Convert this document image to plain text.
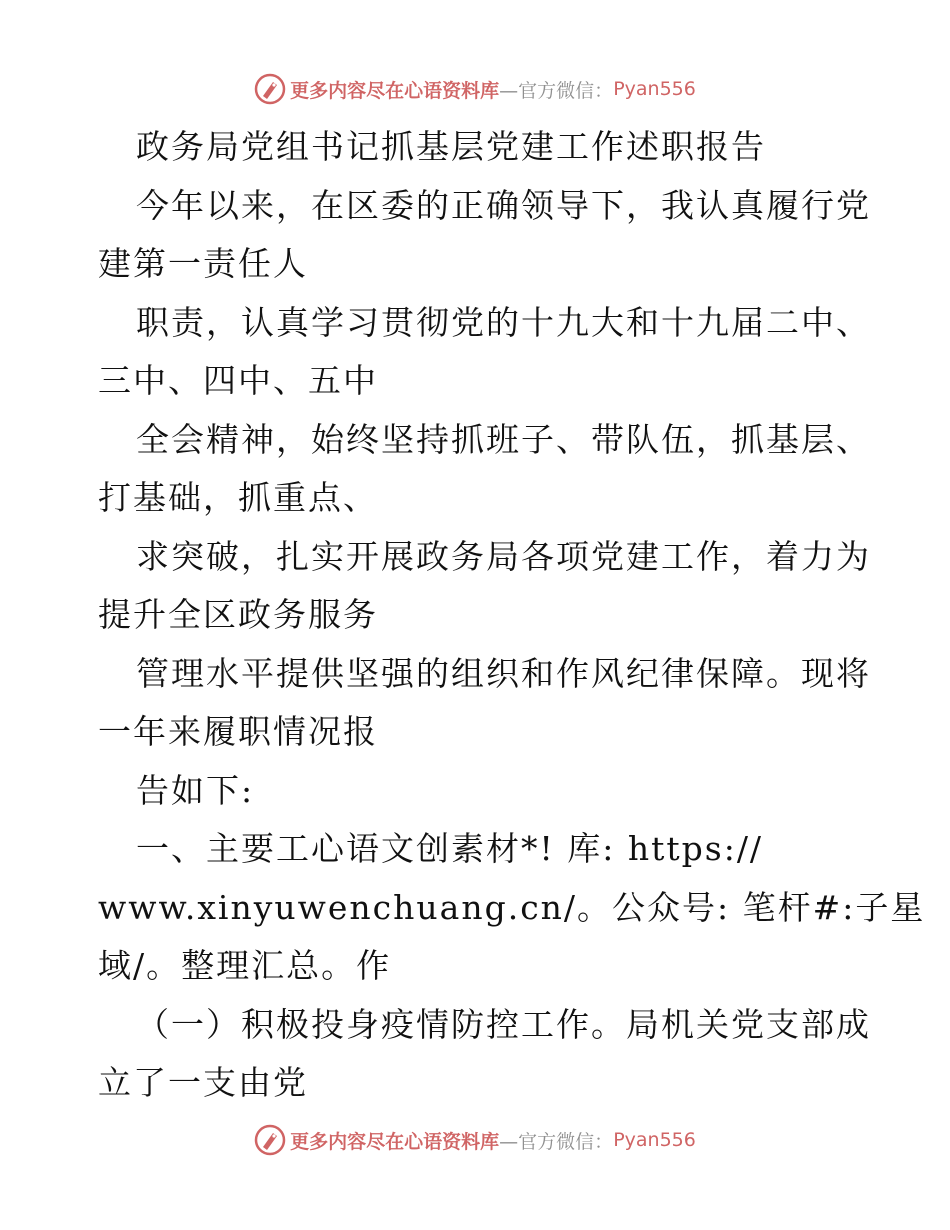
更多内容尽在心语资料库 —官方微信： Pyan556
政务局党组书记抓基层党建工作述职报告
今年以来，在区委的正确领导下，我认真履行党
建第一责任人
职责，认真学习贯彻党的十九大和十九届二中、
三中、四中、五中
全会精神，始终坚持抓班子、带队伍，抓基层、
打基础，抓重点、
求突破，扎实开展政务局各项党建工作，着力为
提升全区政务服务
管理水平提供坚强的组织和作风纪律保障。现将
一年来履职情况报
告如下:
一、主要工心语文创素材*! 库: https://
www.xinyuwenchuang.cn/。公众号: 笔杆#:子星
域/。整理汇总。作
（一）积极投身疫情防控工作。局机关党支部成
立了一支由党
更多内容尽在心语资料库 —官方微信： Pyan556
